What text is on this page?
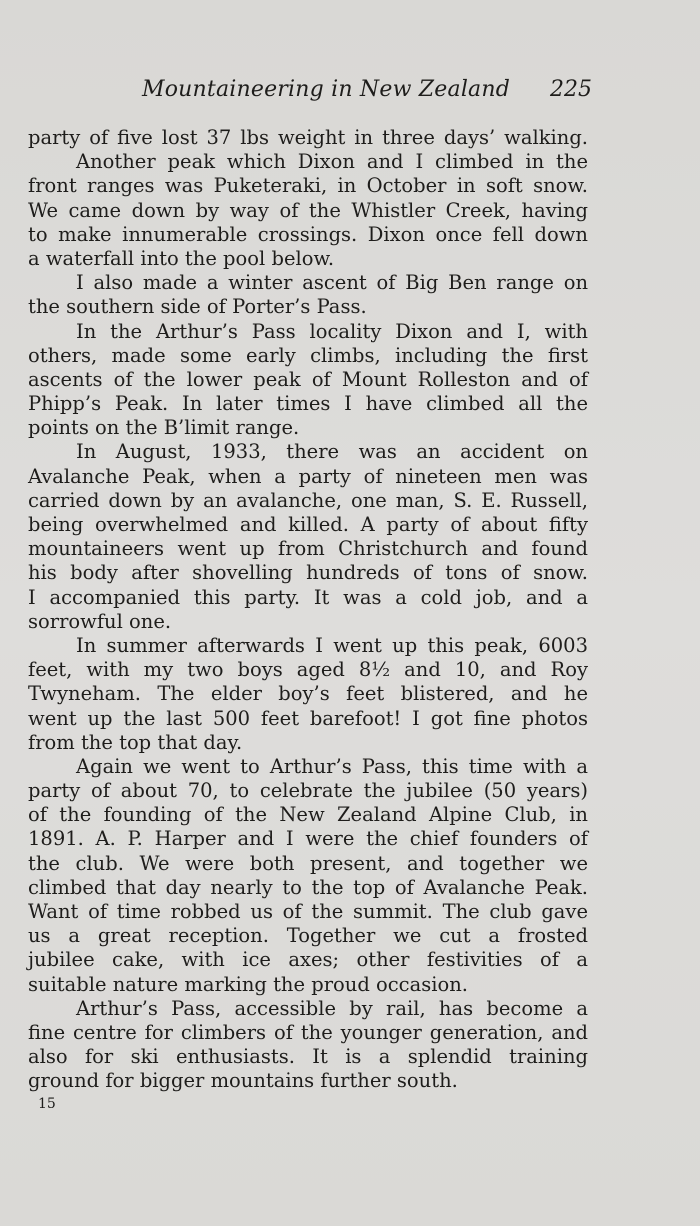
Mountaineering in New Zealand 225
party of five lost 37 lbs weight in three days’ walking.
Another peak which Dixon and I climbed in the
front ranges was Puketeraki, in October in soft snow.
We came down by way of the Whistler Creek, having
to make innumerable crossings. Dixon once fell down
a waterfall into the pool below.
I also made a winter ascent of Big Ben range on
the southern side of Porter’s Pass.
In the Arthur’s Pass locality Dixon and I, with
others, made some early climbs, including the first
ascents of the lower peak of Mount Rolleston and of
Phipp’s Peak. In later times I have climbed all the
points on the B’limit range.
In August, 1933, there was an accident on
Avalanche Peak, when a party of nineteen men was
carried down by an avalanche, one man, S. E. Russell,
being overwhelmed and killed. A party of about fifty
mountaineers went up from Christchurch and found
his body after shovelling hundreds of tons of snow.
I accompanied this party. It was a cold job, and a
sorrowful one.
In summer afterwards I went up this peak, 6003
feet, with my two boys aged 8½ and 10, and Roy
Twyneham. The elder boy’s feet blistered, and he
went up the last 500 feet barefoot! I got fine photos
from the top that day.
Again we went to Arthur’s Pass, this time with a
party of about 70, to celebrate the jubilee (50 years)
of the founding of the New Zealand Alpine Club, in
1891. A. P. Harper and I were the chief founders of
the club. We were both present, and together we
climbed that day nearly to the top of Avalanche Peak.
Want of time robbed us of the summit. The club gave
us a great reception. Together we cut a frosted
jubilee cake, with ice axes; other festivities of a
suitable nature marking the proud occasion.
Arthur’s Pass, accessible by rail, has become a
fine centre for climbers of the younger generation, and
also for ski enthusiasts. It is a splendid training
ground for bigger mountains further south.
15
